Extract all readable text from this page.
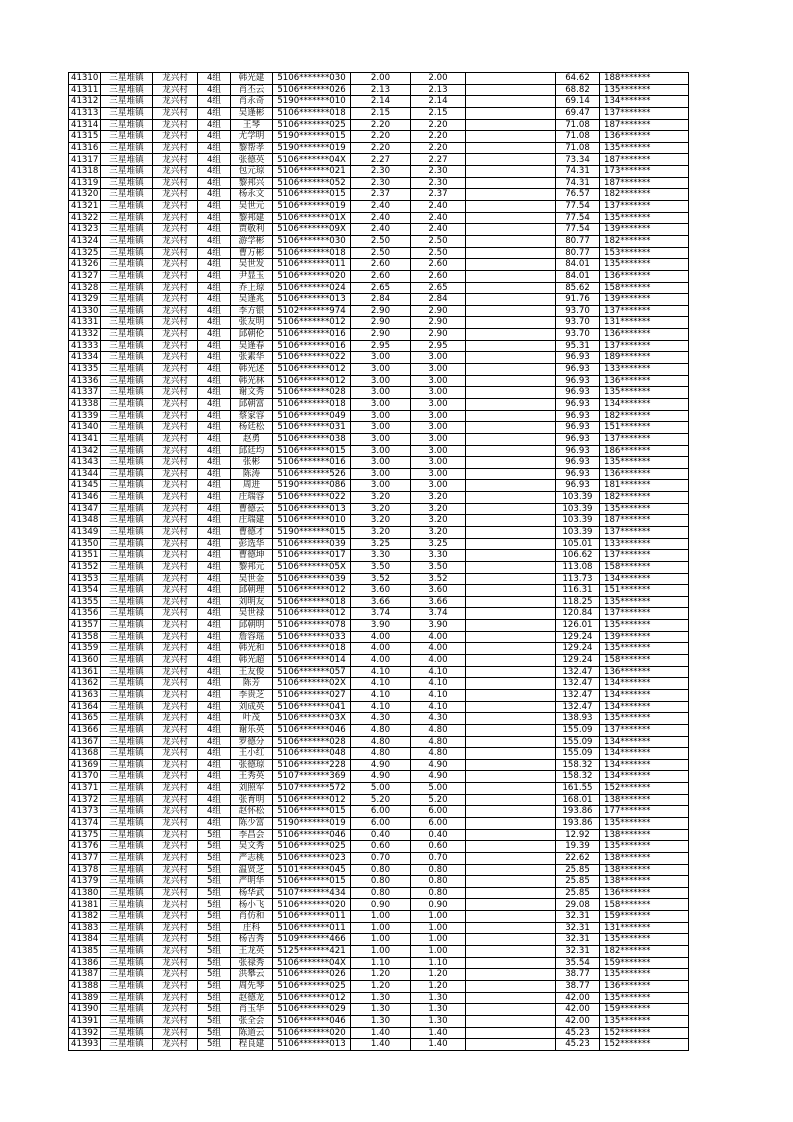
41310	三星堆镇	龙兴村	4组	韩光建	5106*******030	2.00	2.00		64.62	188*******
41311	三星堆镇	龙兴村	4组	肖丕云	5106*******026	2.13	2.13		68.82	135*******
41312	三星堆镇	龙兴村	4组	肖永奇	5190*******010	2.14	2.14		69.14	134*******
41313	三星堆镇	龙兴村	4组	吴逢彬	5106*******018	2.15	2.15		69.47	137*******
41314	三星堆镇	龙兴村	4组	王琴	5106*******025	2.20	2.20		71.08	187*******
41315	三星堆镇	龙兴村	4组	尤学明	5190*******015	2.20	2.20		71.08	136*******
41316	三星堆镇	龙兴村	4组	黎帮孝	5190*******019	2.20	2.20		71.08	135*******
41317	三星堆镇	龙兴村	4组	张德英	5106*******04X	2.27	2.27		73.34	187*******
41318	三星堆镇	龙兴村	4组	包元琼	5106*******021	2.30	2.30		74.31	173*******
41319	三星堆镇	龙兴村	4组	黎邦兴	5106*******052	2.30	2.30		74.31	187*******
41320	三星堆镇	龙兴村	4组	杨永文	5106*******015	2.37	2.37		76.57	182*******
41321	三星堆镇	龙兴村	4组	吴世元	5106*******019	2.40	2.40		77.54	137*******
41322	三星堆镇	龙兴村	4组	黎邦建	5106*******01X	2.40	2.40		77.54	135*******
41323	三星堆镇	龙兴村	4组	贾敬利	5106*******09X	2.40	2.40		77.54	139*******
41324	三星堆镇	龙兴村	4组	游学彬	5106*******030	2.50	2.50		80.77	182*******
41325	三星堆镇	龙兴村	4组	曹万彬	5106*******018	2.50	2.50		80.77	153*******
41326	三星堆镇	龙兴村	4组	吴世发	5106*******011	2.60	2.60		84.01	135*******
41327	三星堆镇	龙兴村	4组	尹显玉	5106*******020	2.60	2.60		84.01	136*******
41328	三星堆镇	龙兴村	4组	乔上琼	5106*******024	2.65	2.65		85.62	158*******
41329	三星堆镇	龙兴村	4组	吴逢兆	5106*******013	2.84	2.84		91.76	139*******
41330	三星堆镇	龙兴村	4组	李方银	5102*******974	2.90	2.90		93.70	137*******
41331	三星堆镇	龙兴村	4组	张友明	5106*******012	2.90	2.90		93.70	131*******
41332	三星堆镇	龙兴村	4组	邱朝伦	5106*******016	2.90	2.90		93.70	136*******
41333	三星堆镇	龙兴村	4组	吴逢春	5106*******016	2.95	2.95		95.31	137*******
41334	三星堆镇	龙兴村	4组	张素华	5106*******022	3.00	3.00		96.93	189*******
41335	三星堆镇	龙兴村	4组	韩光述	5106*******012	3.00	3.00		96.93	133*******
41336	三星堆镇	龙兴村	4组	韩光林	5106*******012	3.00	3.00		96.93	136*******
41337	三星堆镇	龙兴村	4组	谢文秀	5106*******028	3.00	3.00		96.93	135*******
41338	三星堆镇	龙兴村	4组	邱朝富	5106*******018	3.00	3.00		96.93	134*******
41339	三星堆镇	龙兴村	4组	蔡家容	5106*******049	3.00	3.00		96.93	182*******
41340	三星堆镇	龙兴村	4组	杨廷松	5106*******031	3.00	3.00		96.93	151*******
41341	三星堆镇	龙兴村	4组	赵勇	5106*******038	3.00	3.00		96.93	137*******
41342	三星堆镇	龙兴村	4组	邱廷均	5106*******015	3.00	3.00		96.93	186*******
41343	三星堆镇	龙兴村	4组	张彬	5106*******016	3.00	3.00		96.93	135*******
41344	三星堆镇	龙兴村	4组	陈涛	5106*******526	3.00	3.00		96.93	136*******
41345	三星堆镇	龙兴村	4组	周进	5190*******086	3.00	3.00		96.93	181*******
41346	三星堆镇	龙兴村	4组	庄瑞容	5106*******022	3.20	3.20		103.39	182*******
41347	三星堆镇	龙兴村	4组	曹德云	5106*******013	3.20	3.20		103.39	135*******
41348	三星堆镇	龙兴村	4组	庄瑞建	5106*******010	3.20	3.20		103.39	187*******
41349	三星堆镇	龙兴村	4组	曹德才	5190*******015	3.20	3.20		103.39	137*******
41350	三星堆镇	龙兴村	4组	彭选华	5106*******039	3.25	3.25		105.01	133*******
41351	三星堆镇	龙兴村	4组	曹德坤	5106*******017	3.30	3.30		106.62	137*******
41352	三星堆镇	龙兴村	4组	黎邦元	5106*******05X	3.50	3.50		113.08	158*******
41353	三星堆镇	龙兴村	4组	吴世金	5106*******039	3.52	3.52		113.73	134*******
41354	三星堆镇	龙兴村	4组	邱朝理	5106*******012	3.60	3.60		116.31	151*******
41355	三星堆镇	龙兴村	4组	刘明友	5106*******018	3.66	3.66		118.25	135*******
41356	三星堆镇	龙兴村	4组	吴世禄	5106*******012	3.74	3.74		120.84	137*******
41357	三星堆镇	龙兴村	4组	邱朝明	5106*******078	3.90	3.90		126.01	135*******
41358	三星堆镇	龙兴村	4组	詹容瑶	5106*******033	4.00	4.00		129.24	139*******
41359	三星堆镇	龙兴村	4组	韩光和	5106*******018	4.00	4.00		129.24	135*******
41360	三星堆镇	龙兴村	4组	韩光超	5106*******014	4.00	4.00		129.24	158*******
41361	三星堆镇	龙兴村	4组	王友俊	5106*******057	4.10	4.10		132.47	136*******
41362	三星堆镇	龙兴村	4组	陈芳	5106*******02X	4.10	4.10		132.47	134*******
41363	三星堆镇	龙兴村	4组	李贵芝	5106*******027	4.10	4.10		132.47	134*******
41364	三星堆镇	龙兴村	4组	刘成英	5106*******041	4.10	4.10		132.47	134*******
41365	三星堆镇	龙兴村	4组	叶茂	5106*******03X	4.30	4.30		138.93	135*******
41366	三星堆镇	龙兴村	4组	谢乐英	5106*******046	4.80	4.80		155.09	137*******
41367	三星堆镇	龙兴村	4组	罗德分	5106*******028	4.80	4.80		155.09	134*******
41368	三星堆镇	龙兴村	4组	王小红	5106*******048	4.80	4.80		155.09	134*******
41369	三星堆镇	龙兴村	4组	张德琼	5106*******228	4.90	4.90		158.32	134*******
41370	三星堆镇	龙兴村	4组	王秀英	5107*******369	4.90	4.90		158.32	134*******
41371	三星堆镇	龙兴村	4组	刘照军	5107*******572	5.00	5.00		161.55	152*******
41372	三星堆镇	龙兴村	4组	张育明	5106*******012	5.20	5.20		168.01	138*******
41373	三星堆镇	龙兴村	4组	赵怀松	5106*******015	6.00	6.00		193.86	177*******
41374	三星堆镇	龙兴村	4组	陈少富	5190*******019	6.00	6.00		193.86	135*******
41375	三星堆镇	龙兴村	5组	李昌会	5106*******046	0.40	0.40		12.92	138*******
41376	三星堆镇	龙兴村	5组	吴文秀	5106*******025	0.60	0.60		19.39	135*******
41377	三星堆镇	龙兴村	5组	严志桃	5106*******023	0.70	0.70		22.62	138*******
41378	三星堆镇	龙兴村	5组	温贤芝	5101*******045	0.80	0.80		25.85	138*******
41379	三星堆镇	龙兴村	5组	严明华	5106*******015	0.80	0.80		25.85	138*******
41380	三星堆镇	龙兴村	5组	杨华武	5107*******434	0.80	0.80		25.85	136*******
41381	三星堆镇	龙兴村	5组	杨小飞	5106*******020	0.90	0.90		29.08	158*******
41382	三星堆镇	龙兴村	5组	肖仿和	5106*******011	1.00	1.00		32.31	159*******
41383	三星堆镇	龙兴村	5组	庄科	5106*******011	1.00	1.00		32.31	131*******
41384	三星堆镇	龙兴村	5组	杨吉秀	5109*******466	1.00	1.00		32.31	135*******
41385	三星堆镇	龙兴村	5组	王龙英	5125*******421	1.00	1.00		32.31	182*******
41386	三星堆镇	龙兴村	5组	张禄秀	5106*******04X	1.10	1.10		35.54	159*******
41387	三星堆镇	龙兴村	5组	洪攀云	5106*******026	1.20	1.20		38.77	135*******
41388	三星堆镇	龙兴村	5组	周先琴	5106*******025	1.20	1.20		38.77	136*******
41389	三星堆镇	龙兴村	5组	赵德龙	5106*******012	1.30	1.30		42.00	135*******
41390	三星堆镇	龙兴村	5组	肖玉华	5106*******029	1.30	1.30		42.00	159*******
41391	三星堆镇	龙兴村	5组	张全会	5106*******046	1.30	1.30		42.00	135*******
41392	三星堆镇	龙兴村	5组	陈道云	5106*******020	1.40	1.40		45.23	152*******
41393	三星堆镇	龙兴村	5组	程良建	5106*******013	1.40	1.40		45.23	152*******
